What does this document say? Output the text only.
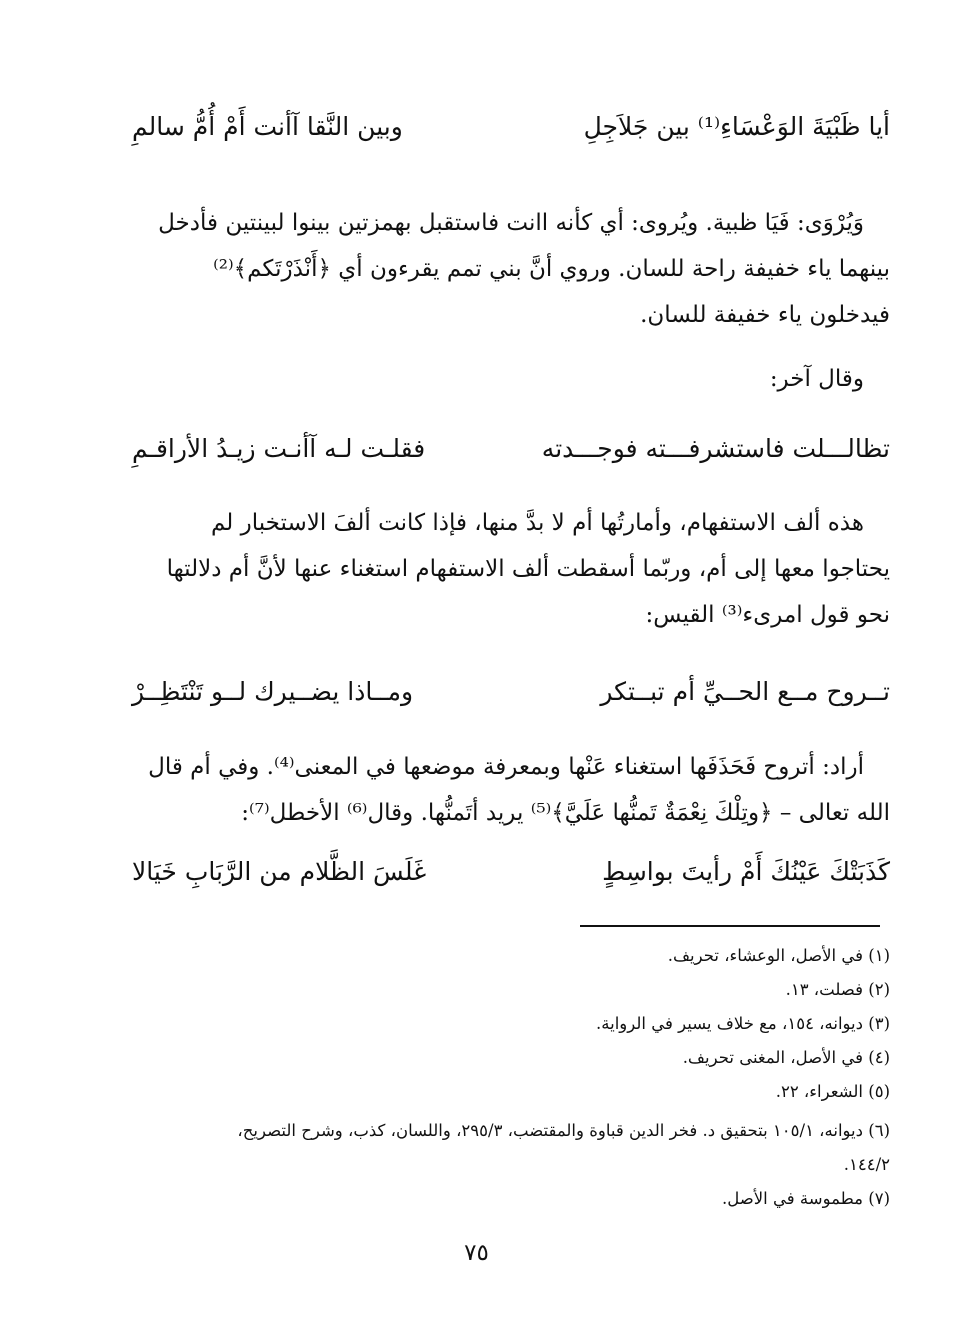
أيا ظَبْيَةَ الوَعْسَاءِ⁽¹⁾ بين جَلاَجِلِ
وبين النَّقا آأنت أَمْ أُمُّ سالمِ

وَيُرْوَى: فَيَا ظبية. ويُروى: أي كأنه اانت فاستقبل بهمزتين بينوا لبينتين فأدخل

بينهما ياء خفيفة راحة للسان. وروي أنَّ بني تمم يقرءون أي ﴿أَنْذَرْتَكم﴾⁽²⁾

فيدخلون ياء خفيفة للسان.

وقال آخر:

تظالـــلت فاستشرفـــته فوجـــدته
فقلـت لـه آأنـت زيـدُ الأراقـمِ

هذه ألف الاستفهام، وأمارتُها أم لا بدَّ منها، فإذا كانت ألفَ الاستخبار لم

يحتاجوا معها إلى أم، وربّما أسقطت ألف الاستفهام استغناء عنها لأنَّ أم دلالتها

نحو قول امرىء⁽³⁾ القيس:

تــروح مــع الحــيِّ أم تبــتكر
ومــاذا يضــيرك لــو تَنْتَظِــرْ

أراد: أتروح فَحَذَفَها استغناء عَنْها وبمعرفة موضعها في المعنى⁽⁴⁾. وفي أم قال

الله تعالى – ﴿وتِلْكَ نِعْمَةٌ تَمنُّها عَلَيَّ﴾⁽⁵⁾ يريد أتَمنُّها. وقال⁽⁶⁾ الأخطل⁽⁷⁾:

كَذَبَتْكَ عَيْنُكَ أَمْ رأيتَ بواسِطٍ
غَلَسَ الظَّلام من الرَّبَابِ خَيَالا
(١) في الأصل، الوعشاء، تحريف.
(٢) فصلت، ١٣.
(٣) ديوانه، ١٥٤، مع خلاف يسير في الرواية.
(٤) في الأصل، المغنى تحريف.
(٥) الشعراء، ٢٢.
(٦) ديوانه، ١٠٥/١ بتحقيق د. فخر الدين قباوة والمقتضب، ٢٩٥/٣، واللسان، كذب، وشرح التصريح،
١٤٤/٢.
(٧) مطموسة في الأصل.
٧٥
